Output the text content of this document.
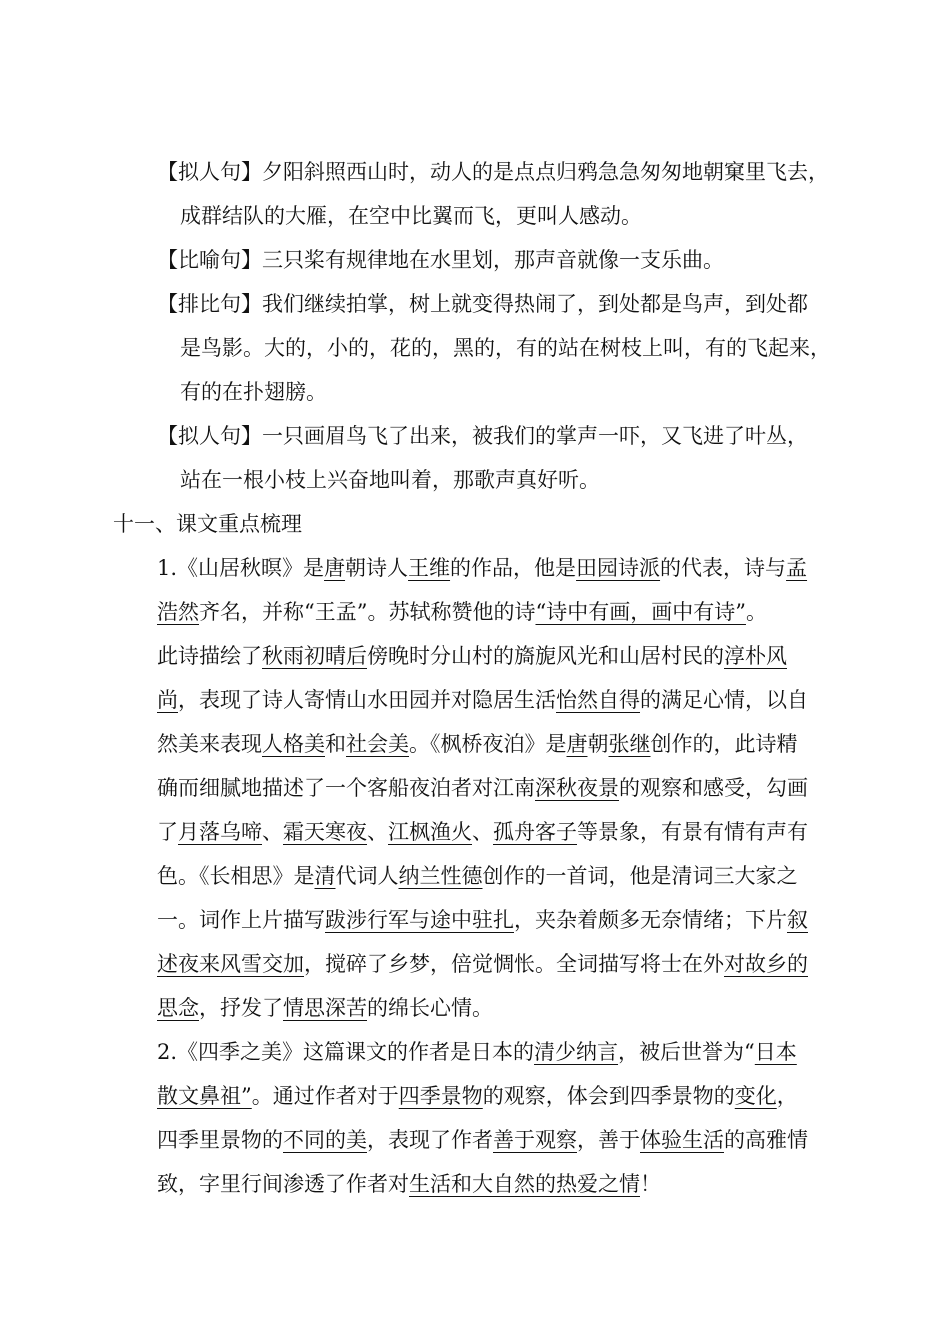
【拟人句】夕阳斜照西山时，动人的是点点归鸦急急匆匆地朝窠里飞去，
成群结队的大雁，在空中比翼而飞，更叫人感动。
【比喻句】三只桨有规律地在水里划，那声音就像一支乐曲。
【排比句】我们继续拍掌，树上就变得热闹了，到处都是鸟声，到处都
是鸟影。大的，小的，花的，黑的，有的站在树枝上叫，有的飞起来，
有的在扑翅膀。
【拟人句】一只画眉鸟飞了出来，被我们的掌声一吓，又飞进了叶丛，
站在一根小枝上兴奋地叫着，那歌声真好听。
十一、课文重点梳理
1.《山居秋暝》是唐朝诗人王维的作品，他是田园诗派的代表，诗与孟
浩然齐名，并称“王孟”。苏轼称赞他的诗“诗中有画，画中有诗”。
此诗描绘了秋雨初晴后傍晚时分山村的旖旎风光和山居村民的淳朴风
尚，表现了诗人寄情山水田园并对隐居生活怡然自得的满足心情，以自
然美来表现人格美和社会美。《枫桥夜泊》是唐朝张继创作的，此诗精
确而细腻地描述了一个客船夜泊者对江南深秋夜景的观察和感受，勾画
了月落乌啼、霜天寒夜、江枫渔火、孤舟客子等景象，有景有情有声有
色。《长相思》是清代词人纳兰性德创作的一首词，他是清词三大家之
一。词作上片描写跋涉行军与途中驻扎，夹杂着颇多无奈情绪；下片叙
述夜来风雪交加，搅碎了乡梦，倍觉惆怅。全词描写将士在外对故乡的
思念，抒发了情思深苦的绵长心情。
2.《四季之美》这篇课文的作者是日本的清少纳言，被后世誉为“日本
散文鼻祖”。通过作者对于四季景物的观察，体会到四季景物的变化，
四季里景物的不同的美，表现了作者善于观察，善于体验生活的高雅情
致，字里行间渗透了作者对生活和大自然的热爱之情！
